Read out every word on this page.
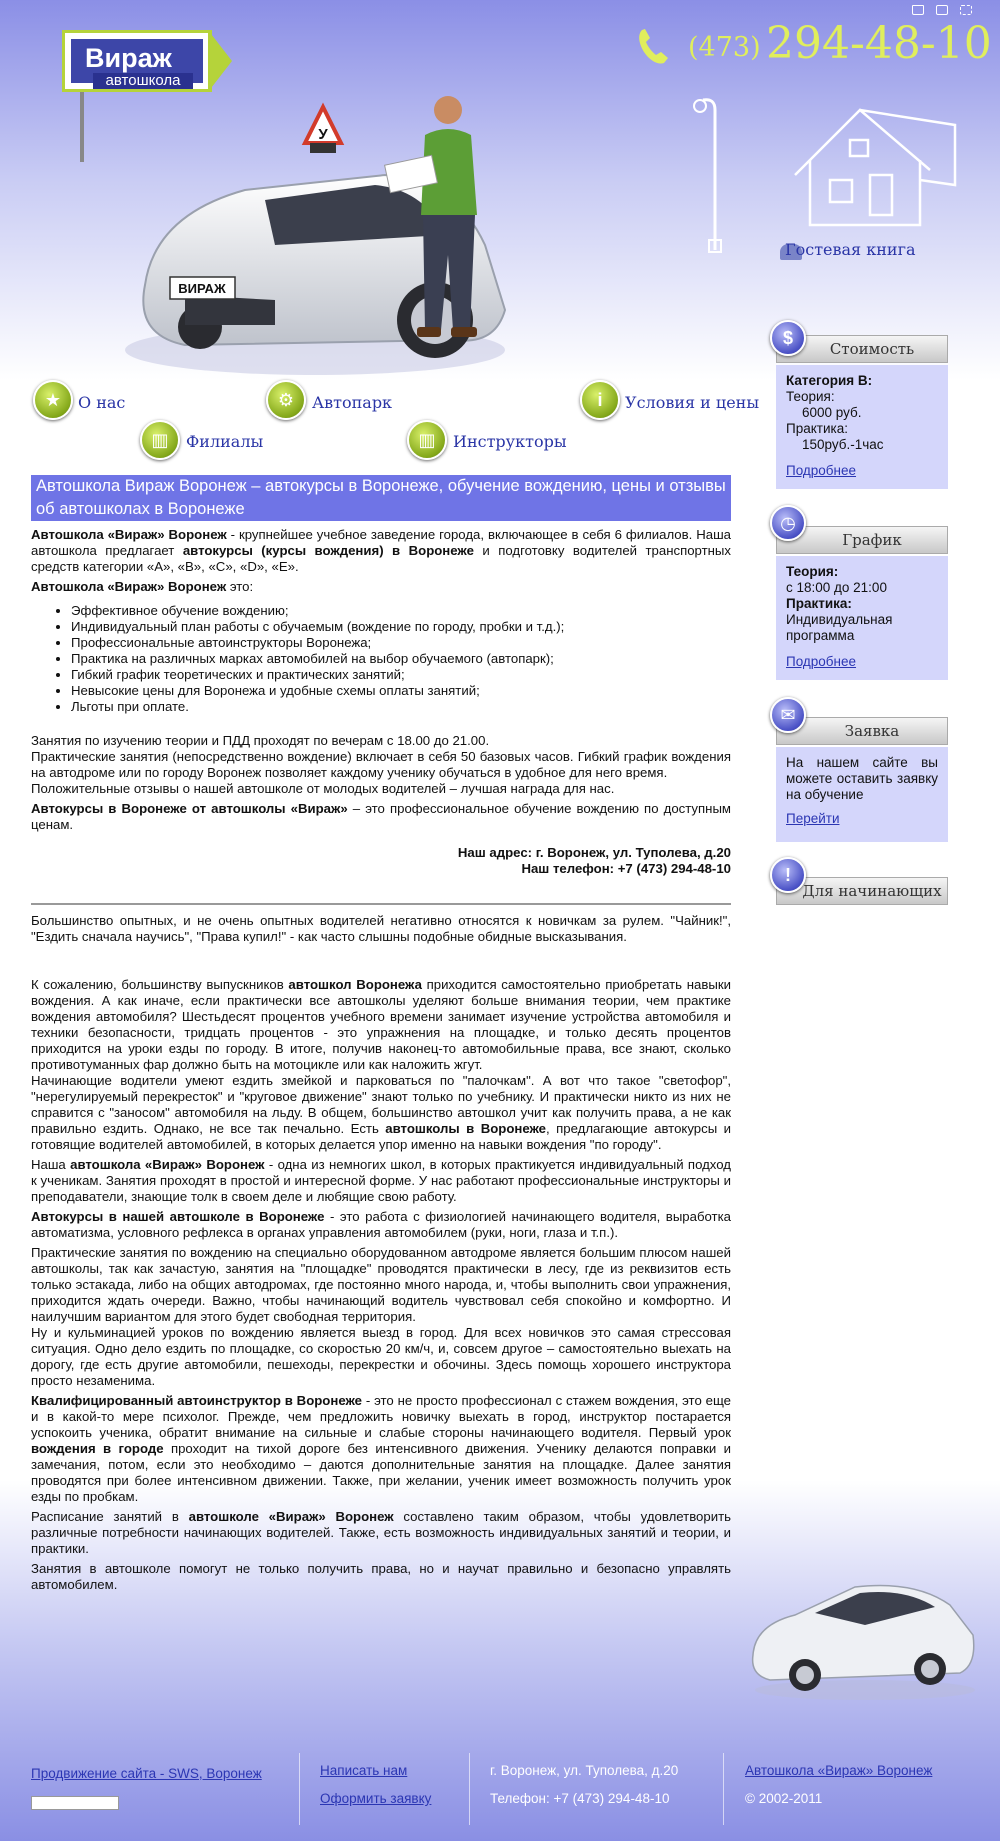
Вираж
автошкола
(473) 294-48-10
ВИРАЖ
У
Гостевая книга
★	О нас	⚙	Автопарк	i	Условия и цены
▥	Филиалы	▥	Инструкторы
Автошкола Вираж Воронеж – автокурсы в Воронеже, обучение вождению, цены и отзывы об автошколах в Воронеже

Автошкола «Вираж» Воронеж - крупнейшее учебное заведение города, включающее в себя 6 филиалов. Наша автошкола предлагает автокурсы (курсы вождения) в Воронеже и подготовку водителей транспортных средств категории «A», «B», «C», «D», «E».

Автошкола «Вираж» Воронеж это:

• Эффективное обучение вождению;
• Индивидуальный план работы с обучаемым (вождение по городу, пробки и т.д.);
• Профессиональные автоинструкторы Воронежа;
• Практика на различных марках автомобилей на выбор обучаемого (автопарк);
• Гибкий график теоретических и практических занятий;
• Невысокие цены для Воронежа и удобные схемы оплаты занятий;
• Льготы при оплате.

Занятия по изучению теории и ПДД проходят по вечерам с 18.00 до 21.00.

Практические занятия (непосредственно вождение) включает в себя 50 базовых часов. Гибкий график вождения на автодроме или по городу Воронеж позволяет каждому ученику обучаться в удобное для него время.

Положительные отзывы о нашей автошколе от молодых водителей – лучшая награда для нас.

Автокурсы в Воронеже от автошколы «Вираж» – это профессиональное обучение вождению по доступным ценам.

Наш адрес: г. Воронеж, ул. Туполева, д.20

Наш телефон: +7 (473) 294-48-10

Большинство опытных, и не очень опытных водителей негативно относятся к новичкам за рулем. "Чайник!", "Ездить сначала научись", "Права купил!" - как часто слышны подобные обидные высказывания.

К сожалению, большинству выпускников автошкол Воронежа приходится самостоятельно приобретать навыки вождения. А как иначе, если практически все автошколы уделяют больше внимания теории, чем практике вождения автомобиля? Шестьдесят процентов учебного времени занимает изучение устройства автомобиля и техники безопасности, тридцать процентов - это упражнения на площадке, и только десять процентов приходится на уроки езды по городу. В итоге, получив наконец-то автомобильные права, все знают, сколько противотуманных фар должно быть на мотоцикле или как наложить жгут.

Начинающие водители умеют ездить змейкой и парковаться по "палочкам". А вот что такое "светофор", "нерегулируемый перекресток" и "круговое движение" знают только по учебнику. И практически никто из них не справится с "заносом" автомобиля на льду. В общем, большинство автошкол учит как получить права, а не как правильно ездить. Однако, не все так печально. Есть автошколы в Воронеже, предлагающие автокурсы и готовящие водителей автомобилей, в которых делается упор именно на навыки вождения "по городу".

Наша автошкола «Вираж» Воронеж - одна из немногих школ, в которых практикуется индивидуальный подход к ученикам. Занятия проходят в простой и интересной форме. У нас работают профессиональные инструкторы и преподаватели, знающие толк в своем деле и любящие свою работу.

Автокурсы в нашей автошколе в Воронеже - это работа с физиологией начинающего водителя, выработка автоматизма, условного рефлекса в органах управления автомобилем (руки, ноги, глаза и т.п.).

Практические занятия по вождению на специально оборудованном автодроме является большим плюсом нашей автошколы, так как зачастую, занятия на "площадке" проводятся практически в лесу, где из реквизитов есть только эстакада, либо на общих автодромах, где постоянно много народа, и, чтобы выполнить свои упражнения, приходится ждать очереди. Важно, чтобы начинающий водитель чувствовал себя спокойно и комфортно. И наилучшим вариантом для этого будет свободная территория.

Ну и кульминацией уроков по вождению является выезд в город. Для всех новичков это самая стрессовая ситуация. Одно дело ездить по площадке, со скоростью 20 км/ч, и, совсем другое – самостоятельно выехать на дорогу, где есть другие автомобили, пешеходы, перекрестки и обочины. Здесь помощь хорошего инструктора просто незаменима.

Квалифицированный автоинструктор в Воронеже - это не просто профессионал с стажем вождения, это еще и в какой-то мере психолог. Прежде, чем предложить новичку выехать в город, инструктор постарается успокоить ученика, обратит внимание на сильные и слабые стороны начинающего водителя. Первый урок вождения в городе проходит на тихой дороге без интенсивного движения. Ученику делаются поправки и замечания, потом, если это необходимо – даются дополнительные занятия на площадке. Далее занятия проводятся при более интенсивном движении. Также, при желании, ученик имеет возможность получить урок езды по пробкам.

Расписание занятий в автошколе «Вираж» Воронеж составлено таким образом, чтобы удовлетворить различные потребности начинающих водителей. Также, есть возможность индивидуальных занятий и теории, и практики.

Занятия в автошколе помогут не только получить права, но и научат правильно и безопасно управлять автомобилем.

Стоимость
$
Категория В:
Теория:
6000 руб.
Практика:
150руб.-1час
Подробнее
График
◷
Теория:
с 18:00 до 21:00
Практика:
Индивидуальная программа
Подробнее
Заявка
✉
На нашем сайте вы можете оставить заявку на обучение
Перейти
Для начинающих
!
Продвижение сайта - SWS, Воронеж	Написать нам
Оформить заявку
г. Воронеж, ул. Туполева, д.20
Телефон: +7 (473) 294-48-10
Автошкола «Вираж» Воронеж
© 2002-2011
